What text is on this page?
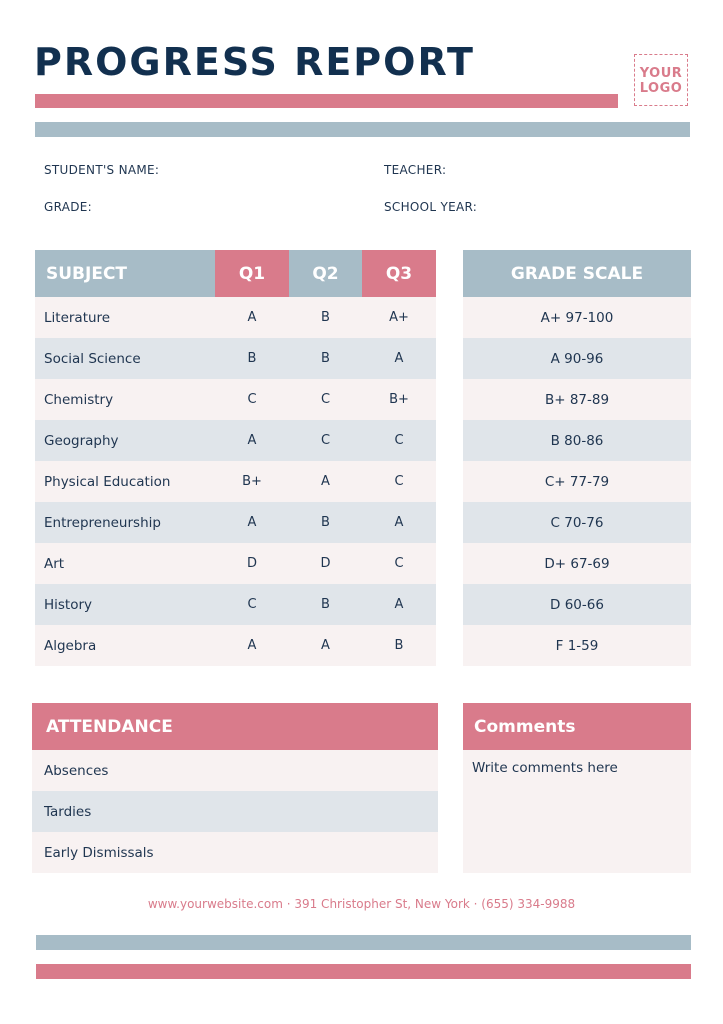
PROGRESS REPORT	YOUR
LOGO
STUDENT'S NAME:	TEACHER:
GRADE:	SCHOOL YEAR:
SUBJECT	Q1	Q2	Q3
Literature	A	B	A+
Social Science	B	B	A
Chemistry	C	C	B+
Geography	A	C	C
Physical Education	B+	A	C
Entrepreneurship	A	B	A
Art	D	D	C
History	C	B	A
Algebra	A	A	B
GRADE SCALE
A+ 97-100
A 90-96
B+ 87-89
B 80-86
C+ 77-79
C 70-76
D+ 67-69
D 60-66
F 1-59
ATTENDANCE
Absences
Tardies
Early Dismissals
Comments
Write comments here
www.yourwebsite.com · 391 Christopher St, New York · (655) 334-9988
